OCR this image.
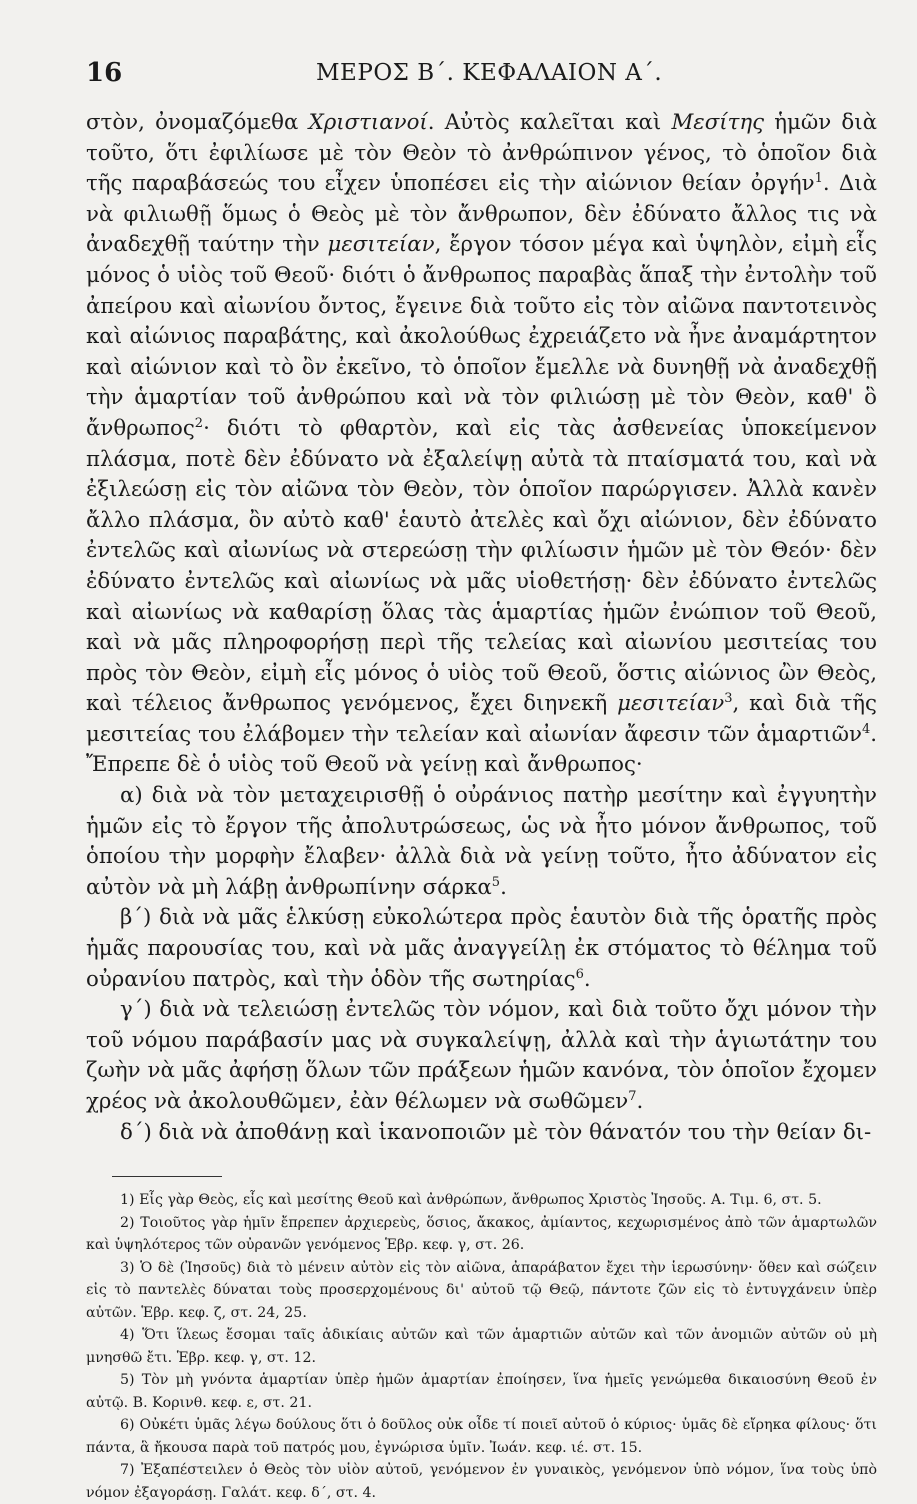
16	ΜΕΡΟΣ Β΄. ΚΕΦΑΛΑΙΟΝ Α΄.

στὸν, ὀνομαζόμεθα Χριστιανοί. Αὐτὸς καλεῖται καὶ Μεσίτης ἡμῶν διὰ τοῦτο, ὅτι ἐφιλίωσε μὲ τὸν Θεὸν τὸ ἀνθρώπινον γένος, τὸ ὁποῖον διὰ τῆς παραβάσεώς του εἶχεν ὑποπέσει εἰς τὴν αἰώνιον θείαν ὀργήν$^1$. Διὰ νὰ φιλιωθῇ ὅμως ὁ Θεὸς μὲ τὸν ἄνθρωπον, δὲν ἐδύνατο ἄλλος τις νὰ ἀναδεχθῇ ταύτην τὴν μεσιτείαν, ἔργον τόσον μέγα καὶ ὑψηλὸν, εἰμὴ εἷς μόνος ὁ υἱὸς τοῦ Θεοῦ· διότι ὁ ἄνθρωπος παραβὰς ἅπαξ τὴν ἐντολὴν τοῦ ἀπείρου καὶ αἰωνίου ὄντος, ἔγεινε διὰ τοῦτο εἰς τὸν αἰῶνα παντοτεινὸς καὶ αἰώνιος παραβάτης, καὶ ἀκολούθως ἐχρειάζετο νὰ ἦνε ἀναμάρτητον καὶ αἰώνιον καὶ τὸ ὂν ἐκεῖνο, τὸ ὁποῖον ἔμελλε νὰ δυνηθῇ νὰ ἀναδεχθῇ τὴν ἁμαρτίαν τοῦ ἀνθρώπου καὶ νὰ τὸν φιλιώσῃ μὲ τὸν Θεὸν, καθ' ὃ ἄνθρωπος$^2$· διότι τὸ φθαρτὸν, καὶ εἰς τὰς ἀσθενείας ὑποκείμενον πλάσμα, ποτὲ δὲν ἐδύνατο νὰ ἐξαλείψῃ αὐτὰ τὰ πταίσματά του, καὶ νὰ ἐξιλεώσῃ εἰς τὸν αἰῶνα τὸν Θεὸν, τὸν ὁποῖον παρώργισεν. Ἀλλὰ κανὲν ἄλλο πλάσμα, ὂν αὐτὸ καθ' ἑαυτὸ ἀτελὲς καὶ ὄχι αἰώνιον, δὲν ἐδύνατο ἐντελῶς καὶ αἰωνίως νὰ στερεώσῃ τὴν φιλίωσιν ἡμῶν μὲ τὸν Θεόν· δὲν ἐδύνατο ἐντελῶς καὶ αἰωνίως νὰ μᾶς υἱοθετήσῃ· δὲν ἐδύνατο ἐντελῶς καὶ αἰωνίως νὰ καθαρίσῃ ὅλας τὰς ἁμαρτίας ἡμῶν ἐνώπιον τοῦ Θεοῦ, καὶ νὰ μᾶς πληροφορήσῃ περὶ τῆς τελείας καὶ αἰωνίου μεσιτείας του πρὸς τὸν Θεὸν, εἰμὴ εἷς μόνος ὁ υἱὸς τοῦ Θεοῦ, ὅστις αἰώνιος ὢν Θεὸς, καὶ τέλειος ἄνθρωπος γενόμενος, ἔχει διηνεκῆ μεσιτείαν$^3$, καὶ διὰ τῆς μεσιτείας του ἐλάβομεν τὴν τελείαν καὶ αἰωνίαν ἄφεσιν τῶν ἁμαρτιῶν$^4$. Ἔπρεπε δὲ ὁ υἱὸς τοῦ Θεοῦ νὰ γείνῃ καὶ ἄνθρωπος·

α) διὰ νὰ τὸν μεταχειρισθῇ ὁ οὐράνιος πατὴρ μεσίτην καὶ ἐγγυητὴν ἡμῶν εἰς τὸ ἔργον τῆς ἀπολυτρώσεως, ὡς νὰ ἦτο μόνον ἄνθρωπος, τοῦ ὁποίου τὴν μορφὴν ἔλαβεν· ἀλλὰ διὰ νὰ γείνῃ τοῦτο, ἦτο ἀδύνατον εἰς αὐτὸν νὰ μὴ λάβῃ ἀνθρωπίνην σάρκα$^5$.

β΄) διὰ νὰ μᾶς ἑλκύσῃ εὐκολώτερα πρὸς ἑαυτὸν διὰ τῆς ὁρατῆς πρὸς ἡμᾶς παρουσίας του, καὶ νὰ μᾶς ἀναγγείλῃ ἐκ στόματος τὸ θέλημα τοῦ οὐρανίου πατρὸς, καὶ τὴν ὁδὸν τῆς σωτηρίας$^6$.

γ΄) διὰ νὰ τελειώσῃ ἐντελῶς τὸν νόμον, καὶ διὰ τοῦτο ὄχι μόνον τὴν τοῦ νόμου παράβασίν μας νὰ συγκαλείψῃ, ἀλλὰ καὶ τὴν ἁγιωτάτην του ζωὴν νὰ μᾶς ἀφήσῃ ὅλων τῶν πράξεων ἡμῶν κανόνα, τὸν ὁποῖον ἔχομεν χρέος νὰ ἀκολουθῶμεν, ἐὰν θέλωμεν νὰ σωθῶμεν$^7$.

δ΄) διὰ νὰ ἀποθάνῃ καὶ ἱκανοποιῶν μὲ τὸν θάνατόν του τὴν θείαν δι-

1) Εἷς γὰρ Θεὸς, εἷς καὶ μεσίτης Θεοῦ καὶ ἀνθρώπων, ἄνθρωπος Χριστὸς Ἰησοῦς. Α. Τιμ. 6, στ. 5.

2) Τοιοῦτος γὰρ ἡμῖν ἔπρεπεν ἀρχιερεὺς, ὅσιος, ἄκακος, ἀμίαντος, κεχωρισμένος ἀπὸ τῶν ἁμαρτωλῶν καὶ ὑψηλότερος τῶν οὐρανῶν γενόμενος Ἑβρ. κεφ. γ, στ. 26.

3) Ὁ δὲ (Ἰησοῦς) διὰ τὸ μένειν αὐτὸν εἰς τὸν αἰῶνα, ἀπαράβατον ἔχει τὴν ἱερωσύνην· ὅθεν καὶ σώζειν εἰς τὸ παντελὲς δύναται τοὺς προσερχομένους δι' αὐτοῦ τῷ Θεῷ, πάντοτε ζῶν εἰς τὸ ἐντυγχάνειν ὑπὲρ αὐτῶν. Ἑβρ. κεφ. ζ, στ. 24, 25.

4) Ὅτι ἵλεως ἔσομαι ταῖς ἀδικίαις αὐτῶν καὶ τῶν ἁμαρτιῶν αὐτῶν καὶ τῶν ἀνομιῶν αὐτῶν οὐ μὴ μνησθῶ ἔτι. Ἑβρ. κεφ. γ, στ. 12.

5) Τὸν μὴ γνόντα ἁμαρτίαν ὑπὲρ ἡμῶν ἁμαρτίαν ἐποίησεν, ἵνα ἡμεῖς γενώμεθα δικαιοσύνη Θεοῦ ἐν αὐτῷ. Β. Κορινθ. κεφ. ε, στ. 21.

6) Οὐκέτι ὑμᾶς λέγω δούλους ὅτι ὁ δοῦλος οὐκ οἶδε τί ποιεῖ αὐτοῦ ὁ κύριος· ὑμᾶς δὲ εἴρηκα φίλους· ὅτι πάντα, ἃ ἤκουσα παρὰ τοῦ πατρός μου, ἐγνώρισα ὑμῖν. Ἰωάν. κεφ. ιέ. στ. 15.

7) Ἐξαπέστειλεν ὁ Θεὸς τὸν υἱὸν αὐτοῦ, γενόμενον ἐν γυναικὸς, γενόμενον ὑπὸ νόμον, ἵνα τοὺς ὑπὸ νόμον ἐξαγοράσῃ. Γαλάτ. κεφ. δ΄, στ. 4.
